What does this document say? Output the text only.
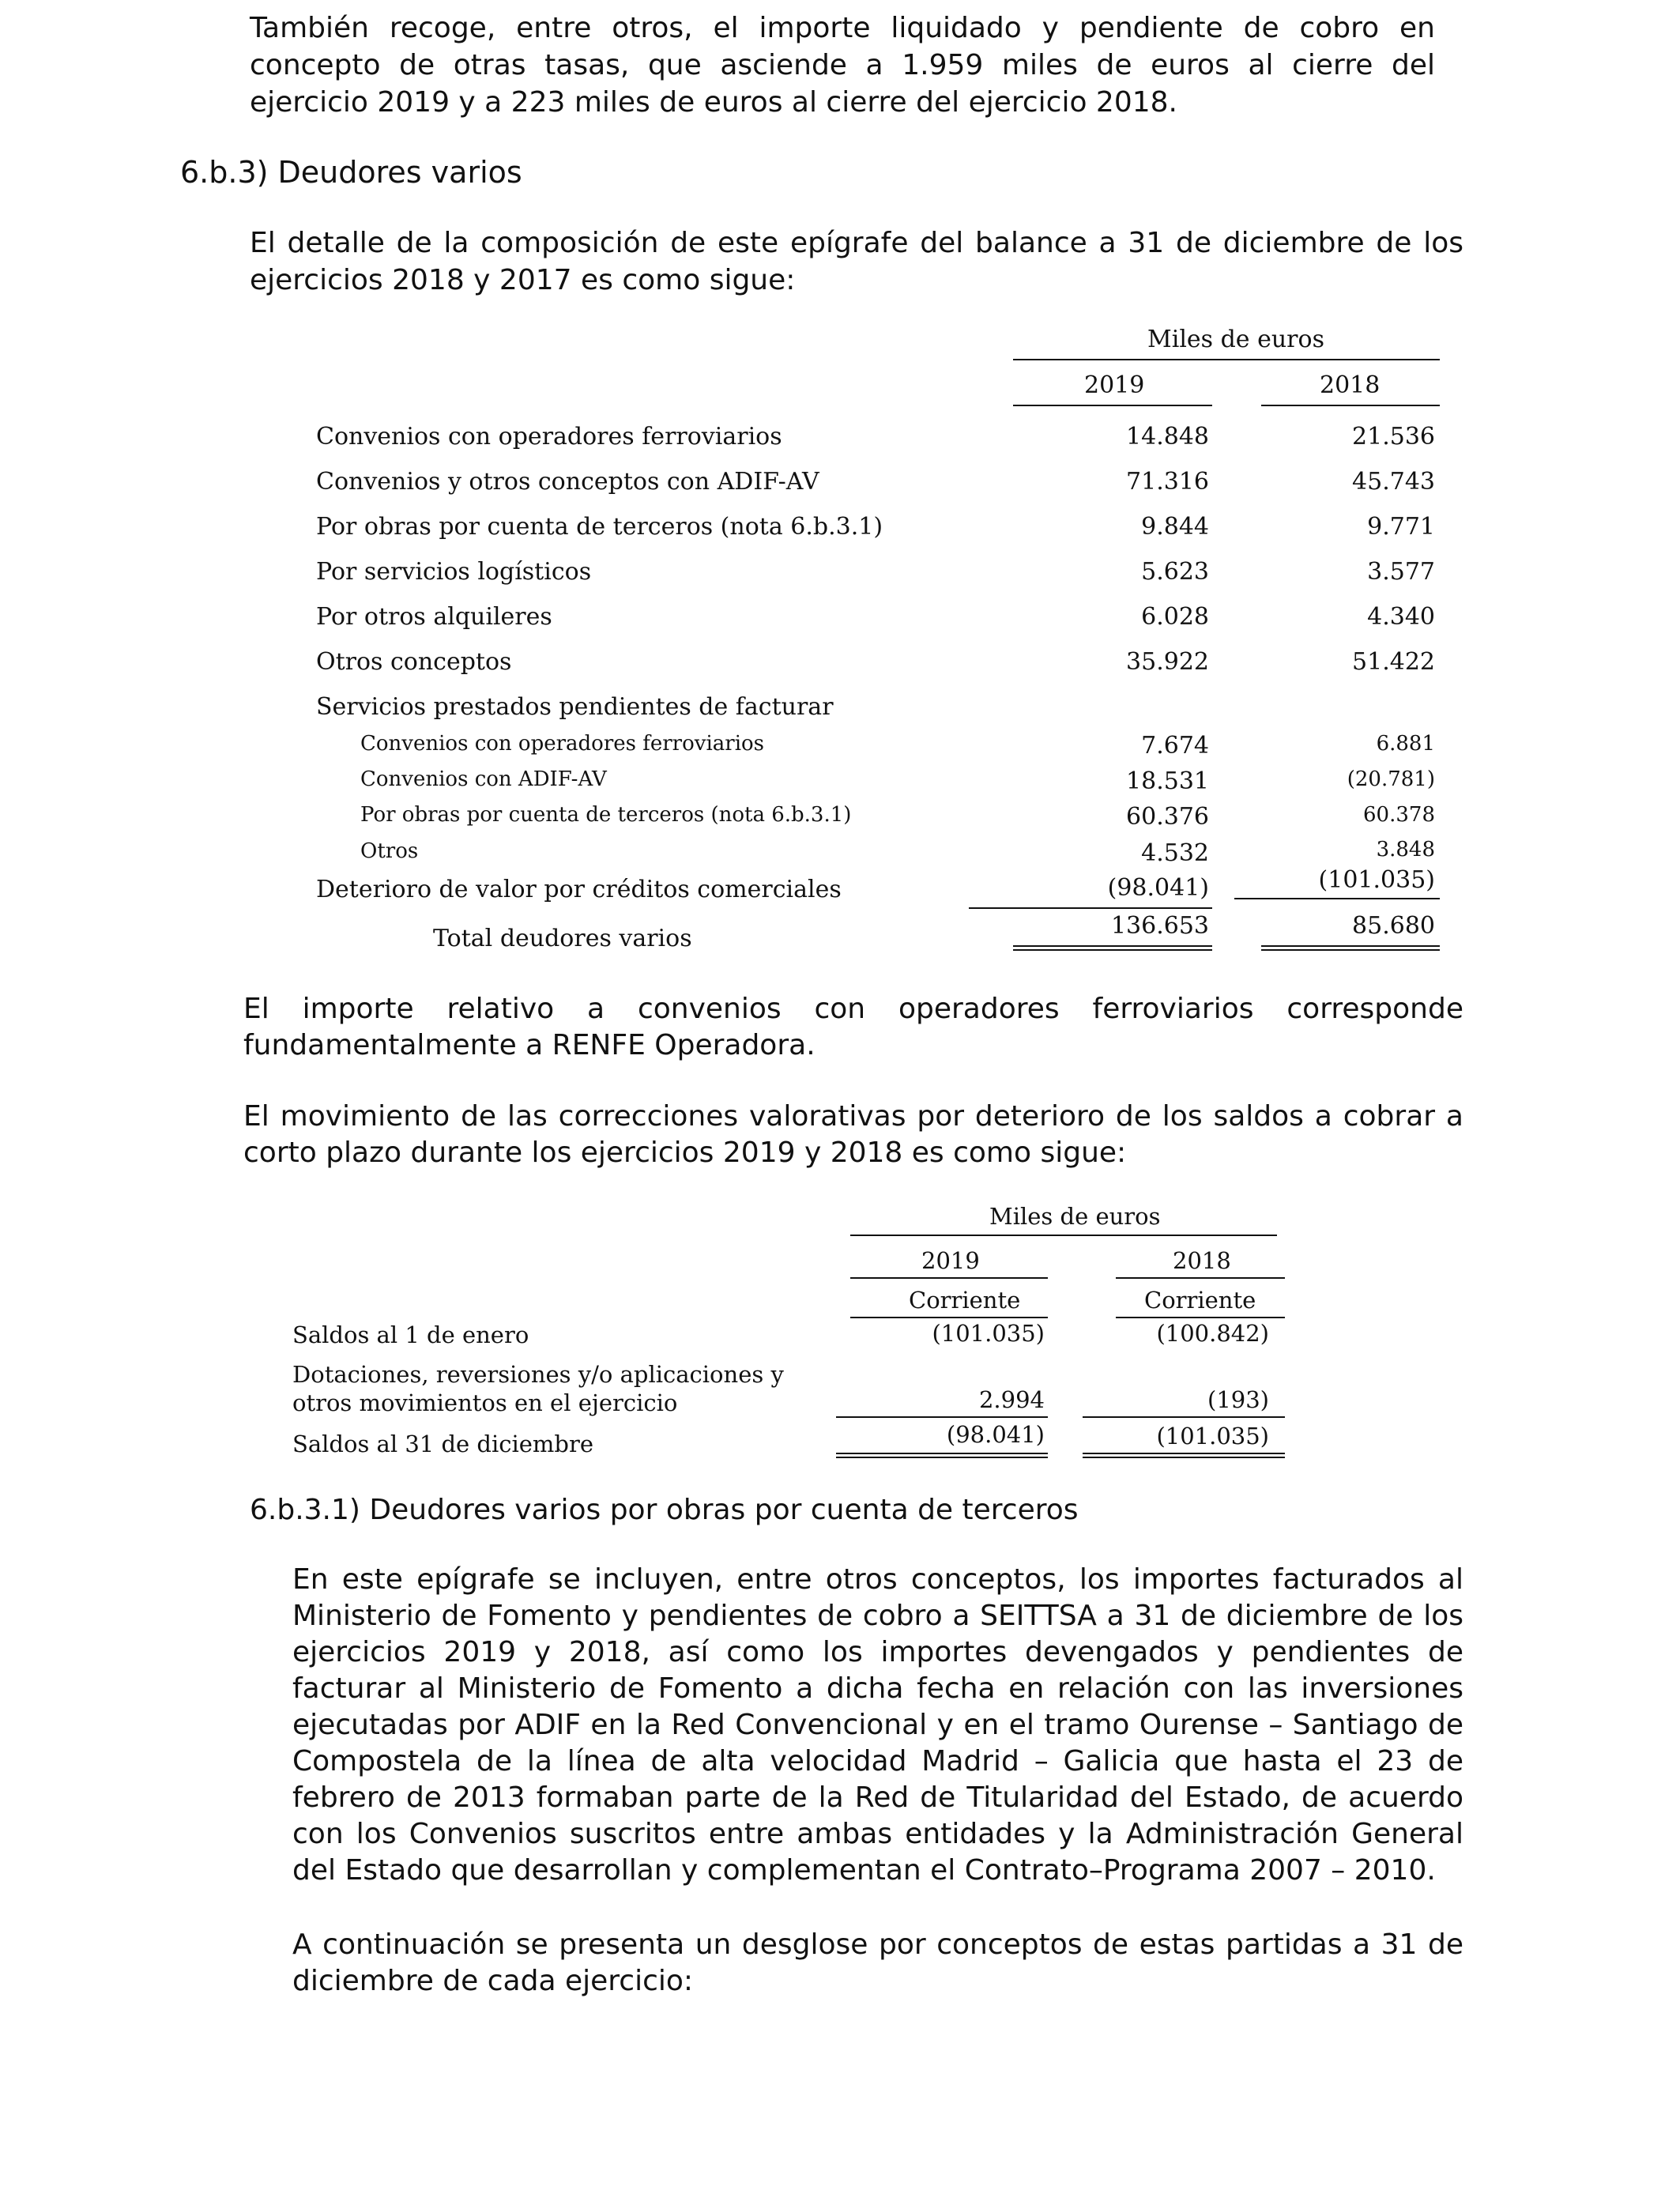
También recoge, entre otros, el importe liquidado y pendiente de cobro en concepto de otras tasas, que asciende a 1.959 miles de euros al cierre del ejercicio 2019 y a 223 miles de euros al cierre del ejercicio 2018.
6.b.3) Deudores varios
El detalle de la composición de este epígrafe del balance a 31 de diciembre de los ejercicios 2018 y 2017 es como sigue:
Miles de euros
2019	2018
Convenios con operadores ferroviarios	14.848	21.536
Convenios y otros conceptos con ADIF-AV	71.316	45.743
Por obras por cuenta de terceros (nota 6.b.3.1)	9.844	9.771
Por servicios logísticos	5.623	3.577
Por otros alquileres	6.028	4.340
Otros conceptos	35.922	51.422
Servicios prestados pendientes de facturar
Convenios con operadores ferroviarios	7.674	6.881
Convenios con ADIF-AV	18.531	(20.781)
Por obras por cuenta de terceros (nota 6.b.3.1)	60.376	60.378
Otros	4.532	3.848
Deterioro de valor por créditos comerciales	(98.041)	(101.035)
Total deudores varios	136.653	85.680
El importe relativo a convenios con operadores ferroviarios corresponde
fundamentalmente a RENFE Operadora.
El movimiento de las correcciones valorativas por deterioro de los saldos a cobrar a corto plazo durante los ejercicios 2019 y 2018 es como sigue:
Miles de euros
2019	2018
Corriente	Corriente
Saldos al 1 de enero	(101.035)	(100.842)
Dotaciones, reversiones y/o aplicaciones y
otros movimientos en el ejercicio	2.994	(193)
Saldos al 31 de diciembre	(98.041)	(101.035)
6.b.3.1) Deudores varios por obras por cuenta de terceros
En este epígrafe se incluyen, entre otros conceptos, los importes facturados al Ministerio de Fomento y pendientes de cobro a SEITTSA a 31 de diciembre de los ejercicios 2019 y 2018, así como los importes devengados y pendientes de facturar al Ministerio de Fomento a dicha fecha en relación con las inversiones ejecutadas por ADIF en la Red Convencional y en el tramo Ourense – Santiago de Compostela de la línea de alta velocidad Madrid – Galicia que hasta el 23 de febrero de 2013 formaban parte de la Red de Titularidad del Estado, de acuerdo con los Convenios suscritos entre ambas entidades y la Administración General del Estado que desarrollan y complementan el Contrato–Programa 2007 – 2010.
A continuación se presenta un desglose por conceptos de estas partidas a 31 de diciembre de cada ejercicio:
